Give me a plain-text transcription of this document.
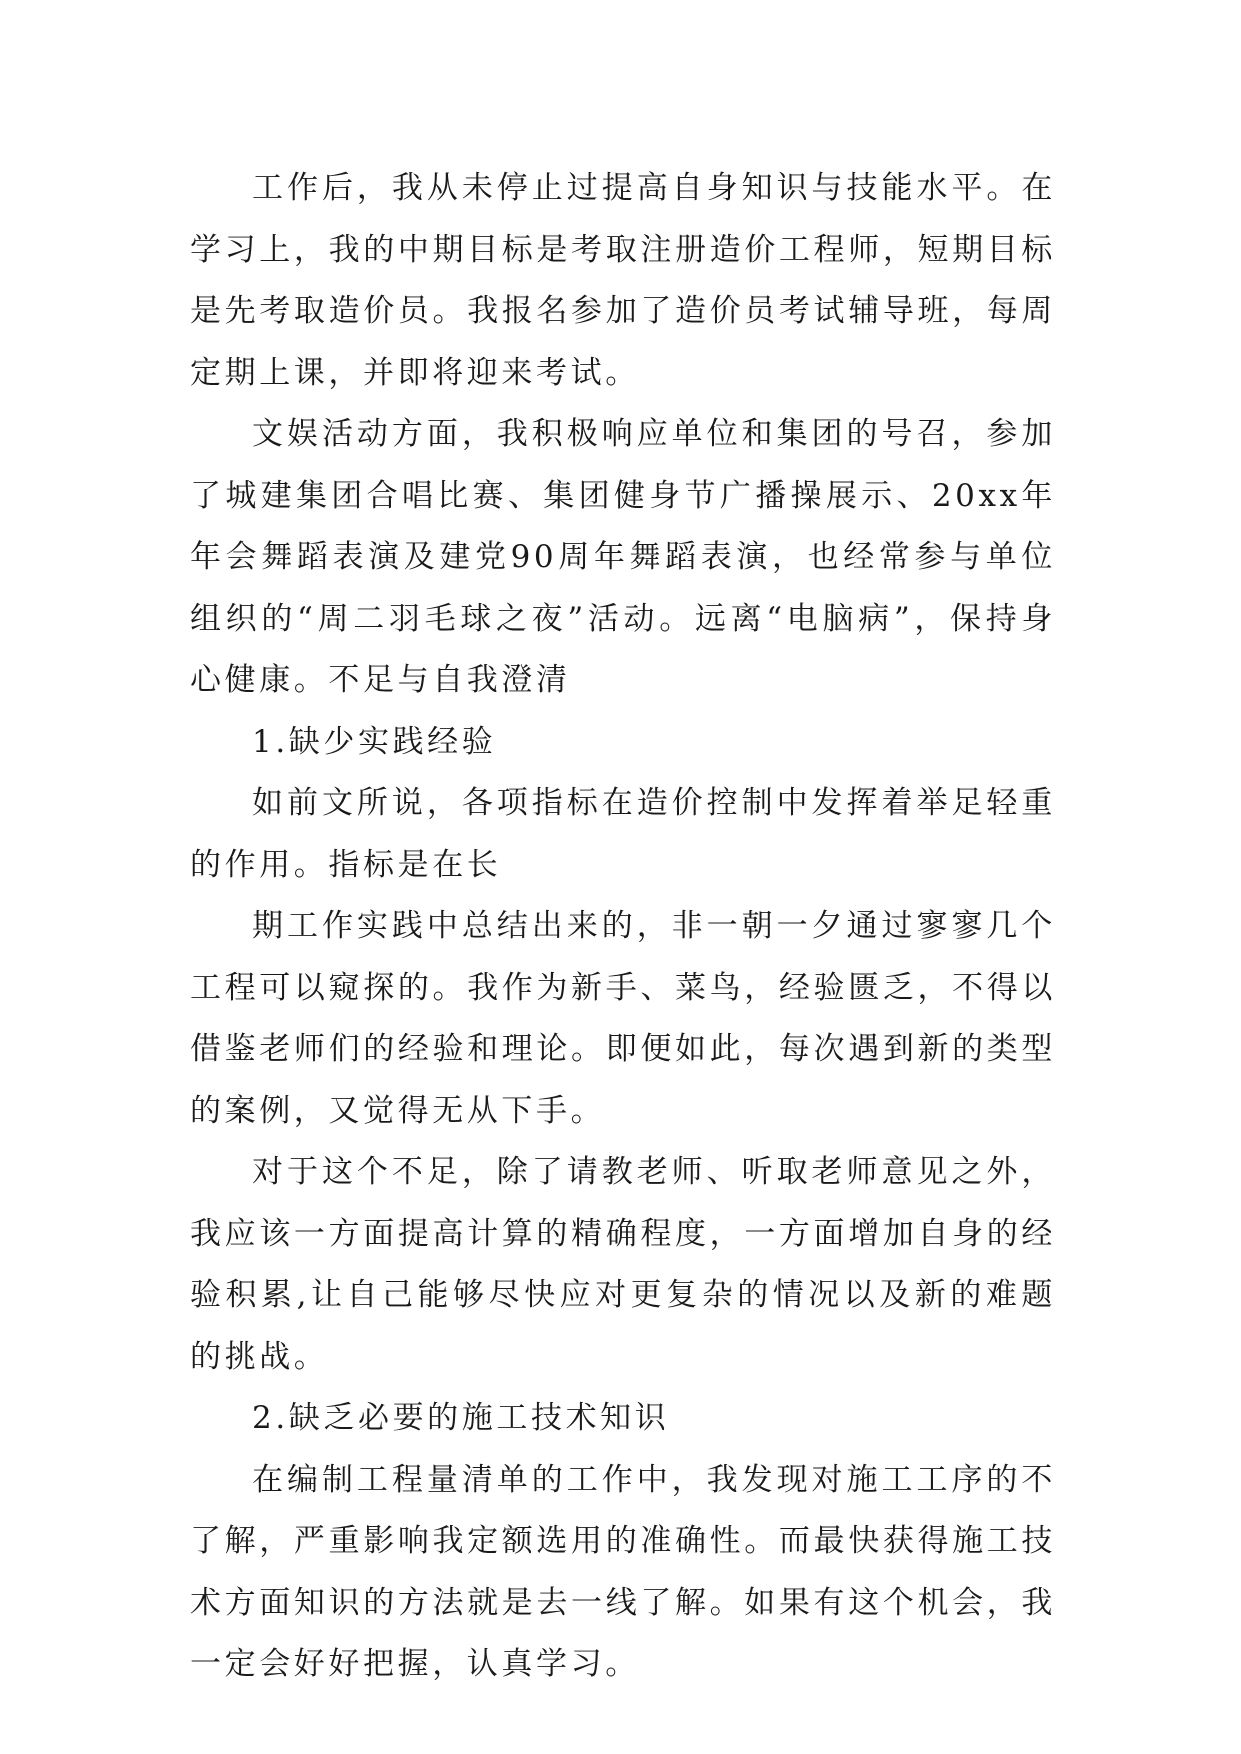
工作后，我从未停止过提高自身知识与技能水平。在学习上，我的中期目标是考取注册造价工程师，短期目标是先考取造价员。我报名参加了造价员考试辅导班，每周定期上课，并即将迎来考试。

文娱活动方面，我积极响应单位和集团的号召，参加了城建集团合唱比赛、集团健身节广播操展示、20xx年年会舞蹈表演及建党90周年舞蹈表演，也经常参与单位组织的“周二羽毛球之夜”活动。远离“电脑病”，保持身心健康。不足与自我澄清

1.缺少实践经验

如前文所说，各项指标在造价控制中发挥着举足轻重的作用。指标是在长

期工作实践中总结出来的，非一朝一夕通过寥寥几个工程可以窥探的。我作为新手、菜鸟，经验匮乏，不得以借鉴老师们的经验和理论。即便如此，每次遇到新的类型的案例，又觉得无从下手。

对于这个不足，除了请教老师、听取老师意见之外，我应该一方面提高计算的精确程度，一方面增加自身的经验积累,让自己能够尽快应对更复杂的情况以及新的难题的挑战。

2.缺乏必要的施工技术知识

在编制工程量清单的工作中，我发现对施工工序的不了解，严重影响我定额选用的准确性。而最快获得施工技术方面知识的方法就是去一线了解。如果有这个机会，我一定会好好把握，认真学习。
